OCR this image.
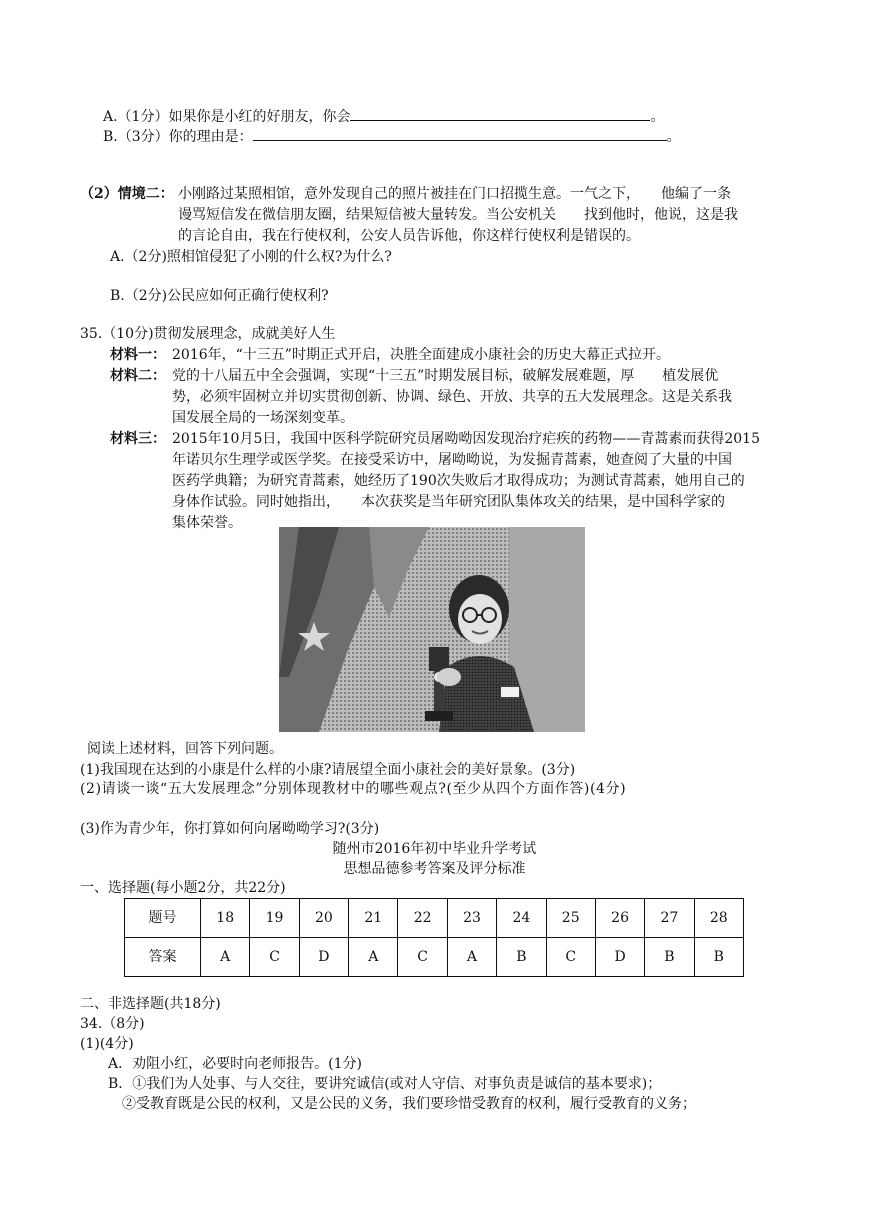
A.（1分）如果你是小红的好朋友，你会	。
B.（3分）你的理由是：	。
（2）情境二： 小刚路过某照相馆，意外发现自己的照片被挂在门口招揽生意。一气之下，　　他编了一条
谩骂短信发在微信朋友圈，结果短信被大量转发。当公安机关　　找到他时，他说，这是我
的言论自由，我在行使权利，公安人员告诉他，你这样行使权利是错误的。
A.（2分)照相馆侵犯了小刚的什么权?为什么?
B.（2分)公民应如何正确行使权利?
35.（10分)贯彻发展理念，成就美好人生
材料一： 2016年，“十三五”时期正式开启，决胜全面建成小康社会的历史大幕正式拉开。
材料二： 党的十八届五中全会强调，实现“十三五”时期发展目标，破解发展难题，厚　　植发展优
势，必须牢固树立并切实贯彻创新、协调、绿色、开放、共享的五大发展理念。这是关系我
国发展全局的一场深刻变革。
材料三： 2015年10月5日，我国中医科学院研究员屠呦呦因发现治疗疟疾的药物——青蒿素而获得2015
年诺贝尔生理学或医学奖。在接受采访中，屠呦呦说，为发掘青蒿素，她查阅了大量的中国
医药学典籍；为研究青蒿素，她经历了190次失败后才取得成功；为测试青蒿素，她用自己的
身体作试验。同时她指出，　　本次获奖是当年研究团队集体攻关的结果，是中国科学家的
集体荣誉。
阅读上述材料，回答下列问题。
(1)我国现在达到的小康是什么样的小康?请展望全面小康社会的美好景象。(3分)
(2)请谈一谈“五大发展理念”分别体现教材中的哪些观点?(至少从四个方面作答)(4分)
(3)作为青少年，你打算如何向屠呦呦学习?(3分)
随州市2016年初中毕业升学考试
思想品德参考答案及评分标准
一、选择题(每小题2分，共22分)
题号	18	19	20	21	22	23	24	25	26	27	28
答案	A	C	D	A	C	A	B	C	D	B	B
二、非选择题(共18分)
34.（8分)
(1)(4分)
A．劝阻小红，必要时向老师报告。(1分)
B．①我们为人处事、与人交往，要讲究诚信(或对人守信、对事负责是诚信的基本要求)；
②受教育既是公民的权利，又是公民的义务，我们要珍惜受教育的权利，履行受教育的义务；
